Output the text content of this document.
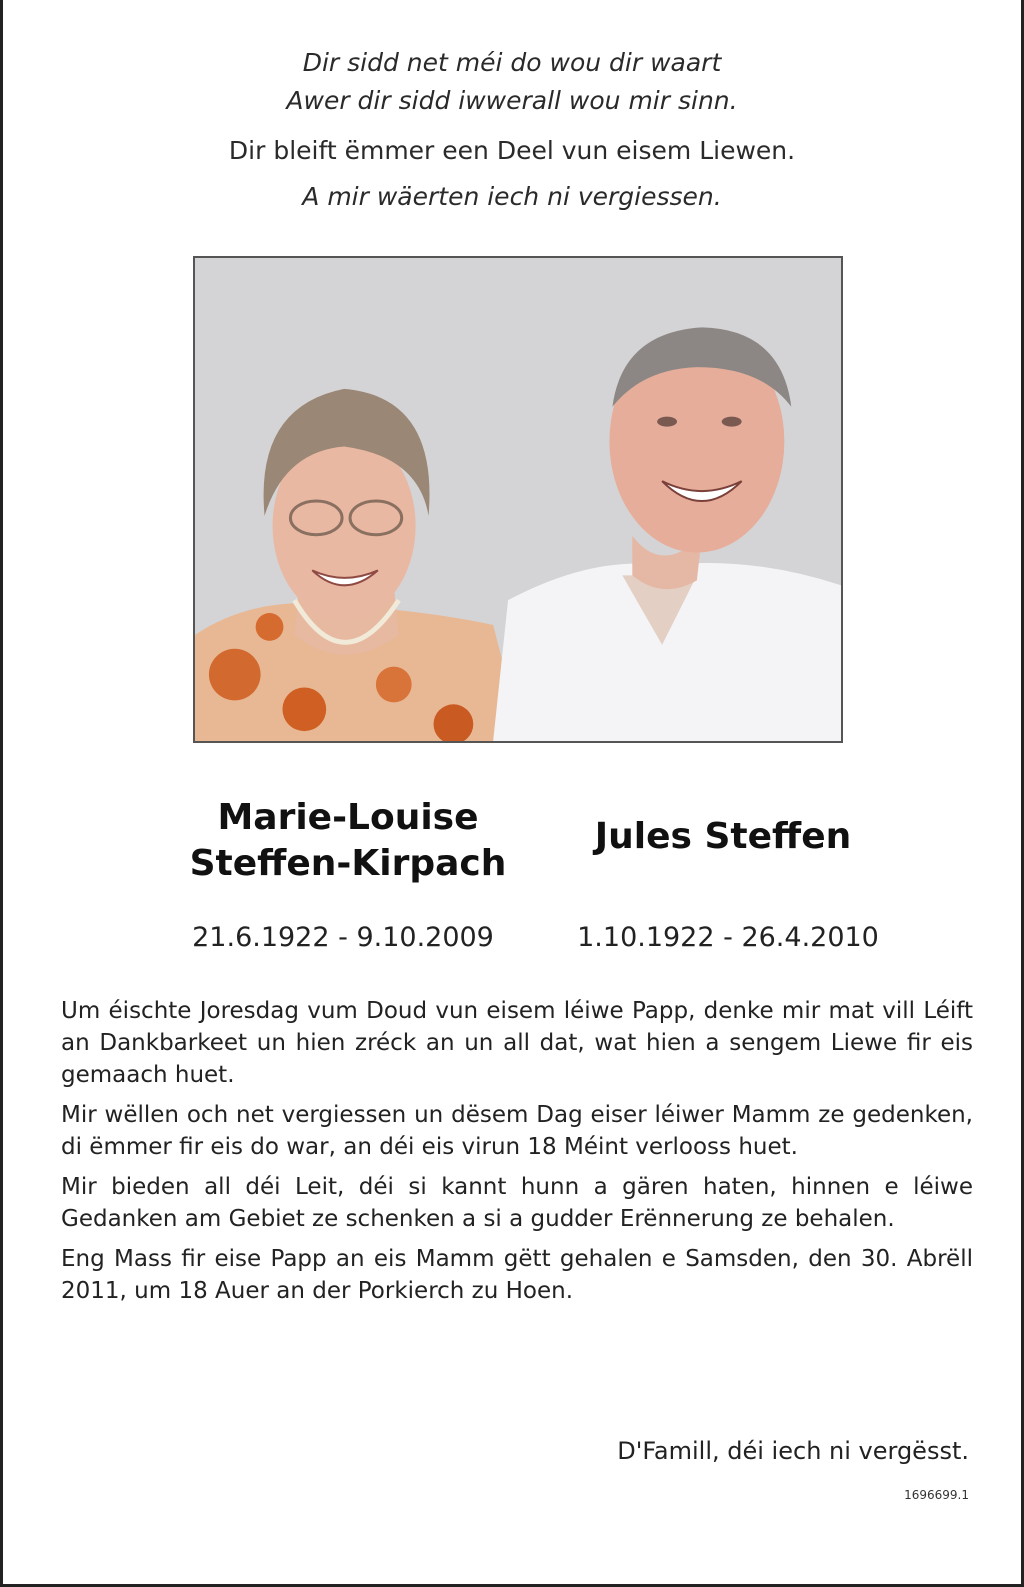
Dir sidd net méi do wou dir waart
Awer dir sidd iwwerall wou mir sinn.
Dir bleift ëmmer een Deel vun eisem Liewen.
A mir wäerten iech ni vergiessen.
Marie-Louise
Steffen-Kirpach
Jules Steffen
21.6.1922 - 9.10.2009	1.10.1922 - 26.4.2010

Um éischte Joresdag vum Doud vun eisem léiwe Papp, denke mir mat vill Léift an Dankbarkeet un hien zréck an un all dat, wat hien a sengem Liewe fir eis gemaach huet.

Mir wëllen och net vergiessen un dësem Dag eiser léiwer Mamm ze gedenken, di ëmmer fir eis do war, an déi eis virun 18 Méint verlooss huet.

Mir bieden all déi Leit, déi si kannt hunn a gären haten, hinnen e léiwe Gedanken am Gebiet ze schenken a si a gudder Erënnerung ze behalen.

Eng Mass fir eise Papp an eis Mamm gëtt gehalen e Samsden, den 30. Abrëll 2011, um 18 Auer an der Porkierch zu Hoen.

D'Famill, déi iech ni vergësst.
1696699.1
